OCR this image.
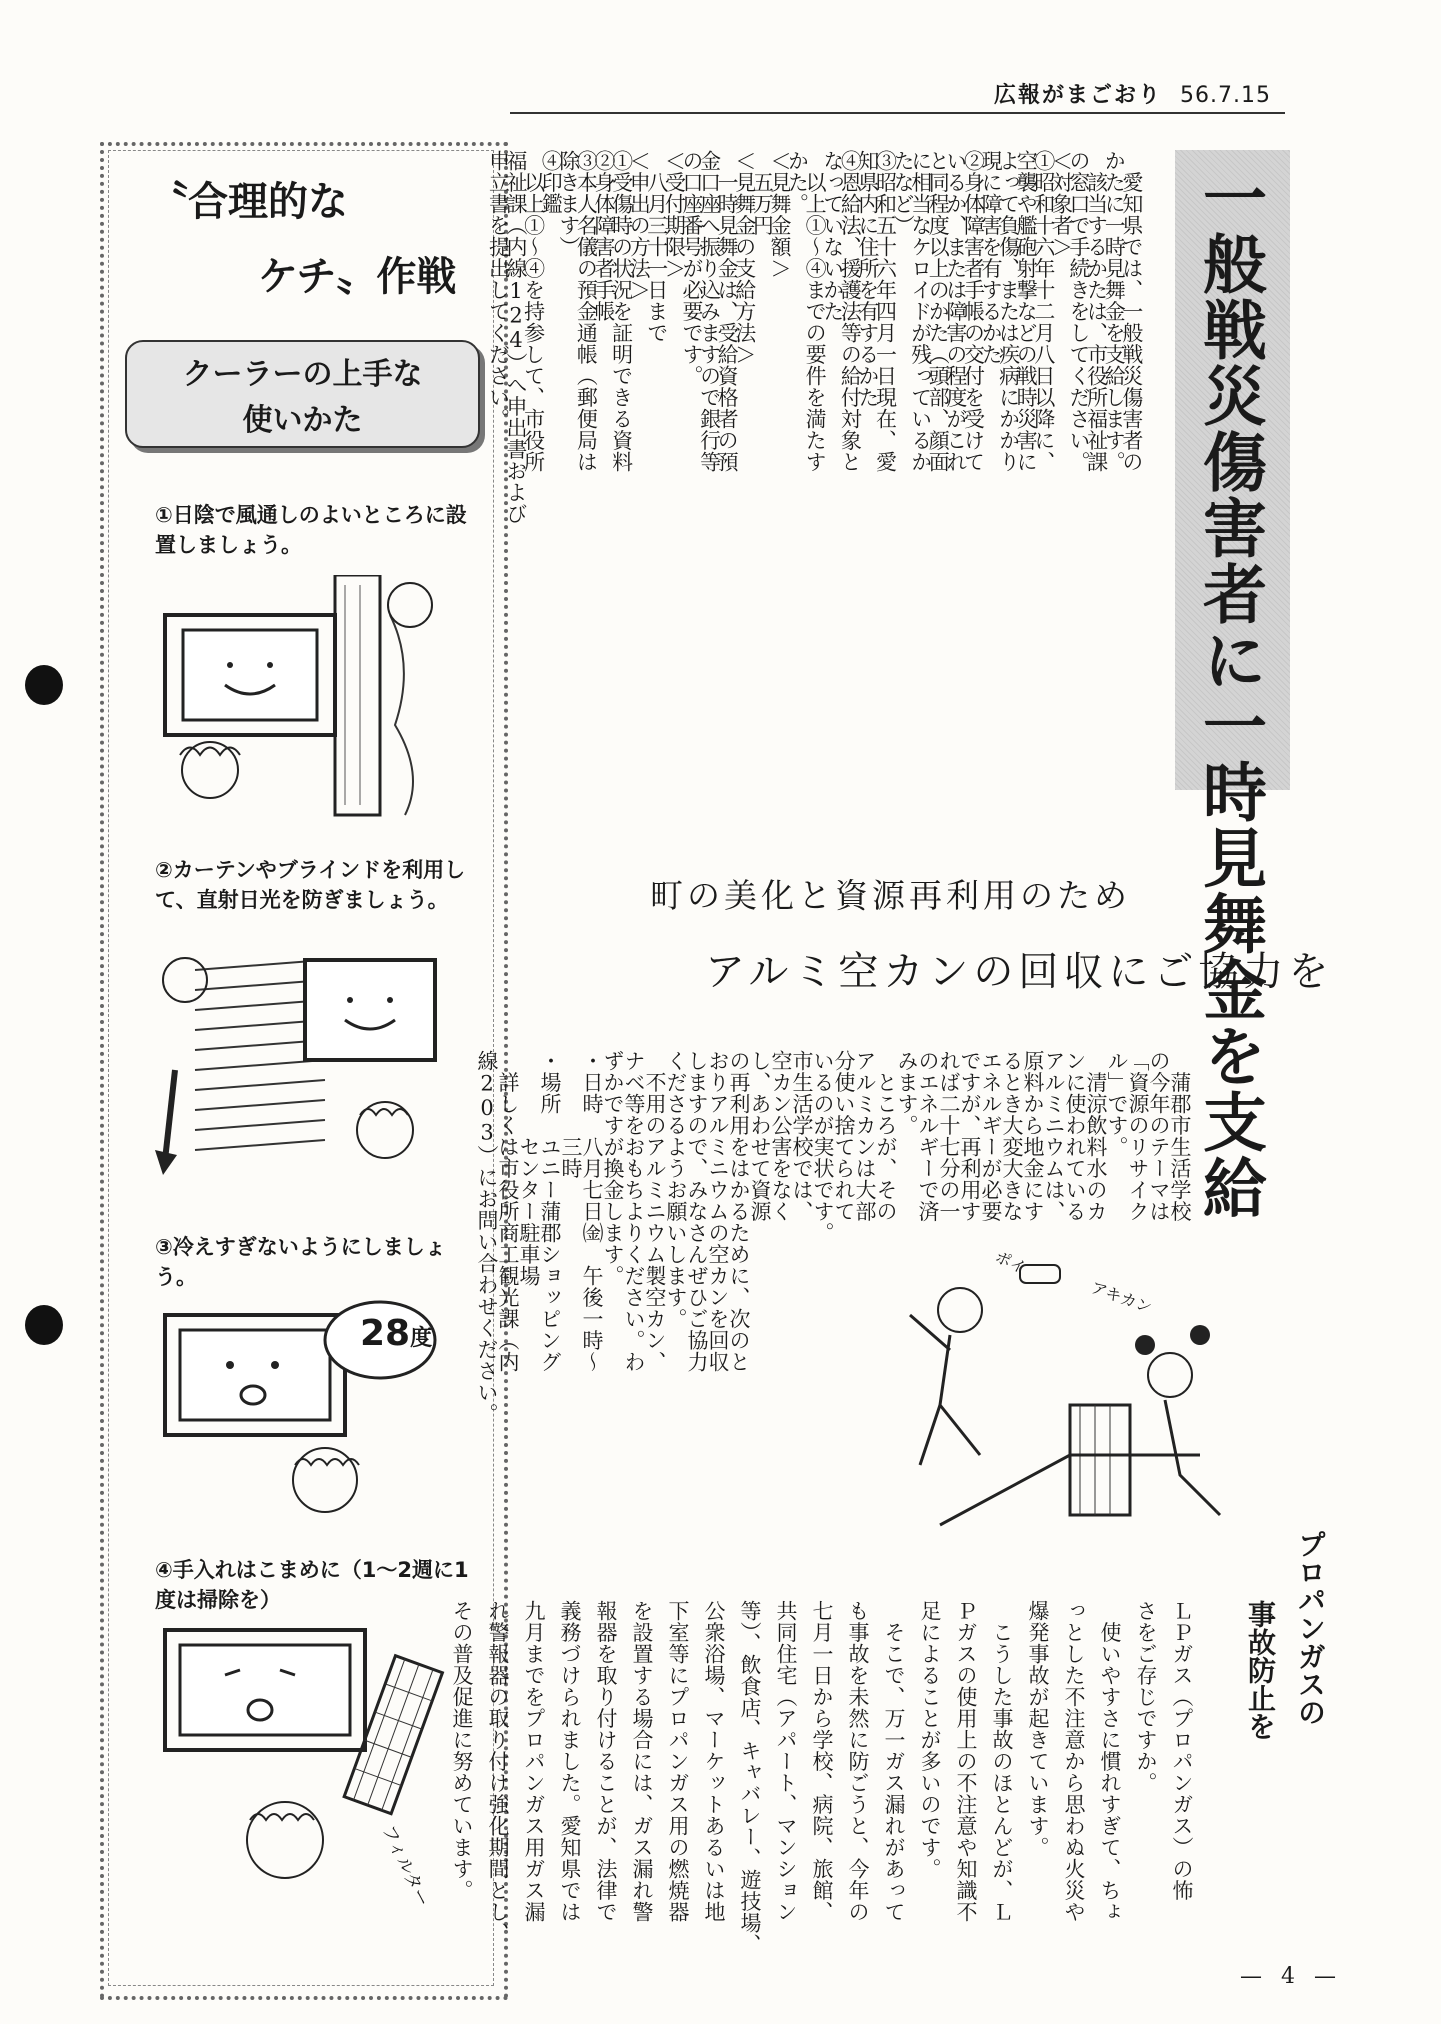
広報がまごおり 56.7.15
〝合理的な
ケチ〟作戦
クーラーの上手な
使いかた
①日陰で風通しのよいところに設置しましょう。
②カーテンやブラインドを利用して、直射日光を防ぎましょう。
③冷えすぎないようにしましょう。
28度
④手入れはこまめに（1〜2週に1度は掃除を）
フィルター
一般戦災傷害者に一時見舞金を支給

　愛知県では、一般戦災傷害者の
かたに一時見舞金を支給します。
　該当するかたは、市役所福祉課
の窓口で手続きをしてください。
＜対象者＞
①昭和十六年十二月八日以降に、
空襲や艦砲射撃などの戦時災害に
よって負傷、または疾病にかかり
現に障害を有するかた
②身体障害者手帳の交付を受けて
いるか、または障害の程度がこれ
と同程度以上のかた（頭部、顔面
に相当なケロイドが残っているか
たなど）
③昭和五十六年四月一日現在、愛
知県内に住所を有するかた
④恩給法、援護法等の給付対象と
なっていないかた
　以上①〜④までの要件を満たす
かた。
＜見舞金額＞
　五万円
＜見舞金の支給方法＞
　一時見舞金は、受給資格者の預
金口座へ振り込みますので銀行等
の口座番号が必要です。
＜受付期限＞
　八月三十一日まで
＜申出の方法＞
①受傷時の状況を証明できる資料
②身体障害者手帳
③本人名儀の預金通帳（郵便局は
除きます）
④印鑑
　以上①〜④を持参して、市役所
福祉課（内線124）へ申出書および
申立書を提出してください。

町の美化と資源再利用のため
アルミ空カンの回収にご協力を

　蒲郡市生活学校
の今年のテーマは
「資源のリサイク
ル」です。
　清涼飲料水のカ
ンに使われている
アルミニウムは、
原料から地金にす
るとき大変大きな
エネルギーが必要
ですが、再利用す
れば二十七分の一
のエネルギーで済
みます。
　ところが、その
アルミカンは大部
分使い捨てられて
いるのが実状です。
市生活学校では、
空カン公害をなく
し、あわせて資源
の再利用をはかるために、次のと
おりアルミニウムの空カンを回収
しますので、みなさんぜひご協力
くださるようお願いします。
　不用のアルミニウム製空カン、
ナベ等をおもちよりください。わ
ずかですが換金します。
・日時　八月七日㈮　午後一時〜
　　　　三時
・場所　ユニー蒲郡ショッピング
　　　　センター駐車場
　詳しくは市役所商工観光課（内
線203）にお問い合わせください。	ポイ
アキカン
プロパンガスの
事故防止を

ＬＰガス（プロパンガス）の怖
さをご存じですか。
　使いやすさに慣れすぎて、ちょ
っとした不注意から思わぬ火災や
爆発事故が起きています。
　こうした事故のほとんどが、Ｌ
Ｐガスの使用上の不注意や知識不
足によることが多いのです。
　そこで、万一ガス漏れがあって
も事故を未然に防ごうと、今年の
七月一日から学校、病院、旅館、
共同住宅（アパート、マンション
等）、飲食店、キャバレー、遊技場、
公衆浴場、マーケットあるいは地
下室等にプロパンガス用の燃焼器
を設置する場合には、ガス漏れ警
報器を取り付けることが、法律で
義務づけられました。愛知県では
九月までをプロパンガス用ガス漏
れ警報器の取り付け強化期間とし、
その普及促進に努めています。

— 4 —
